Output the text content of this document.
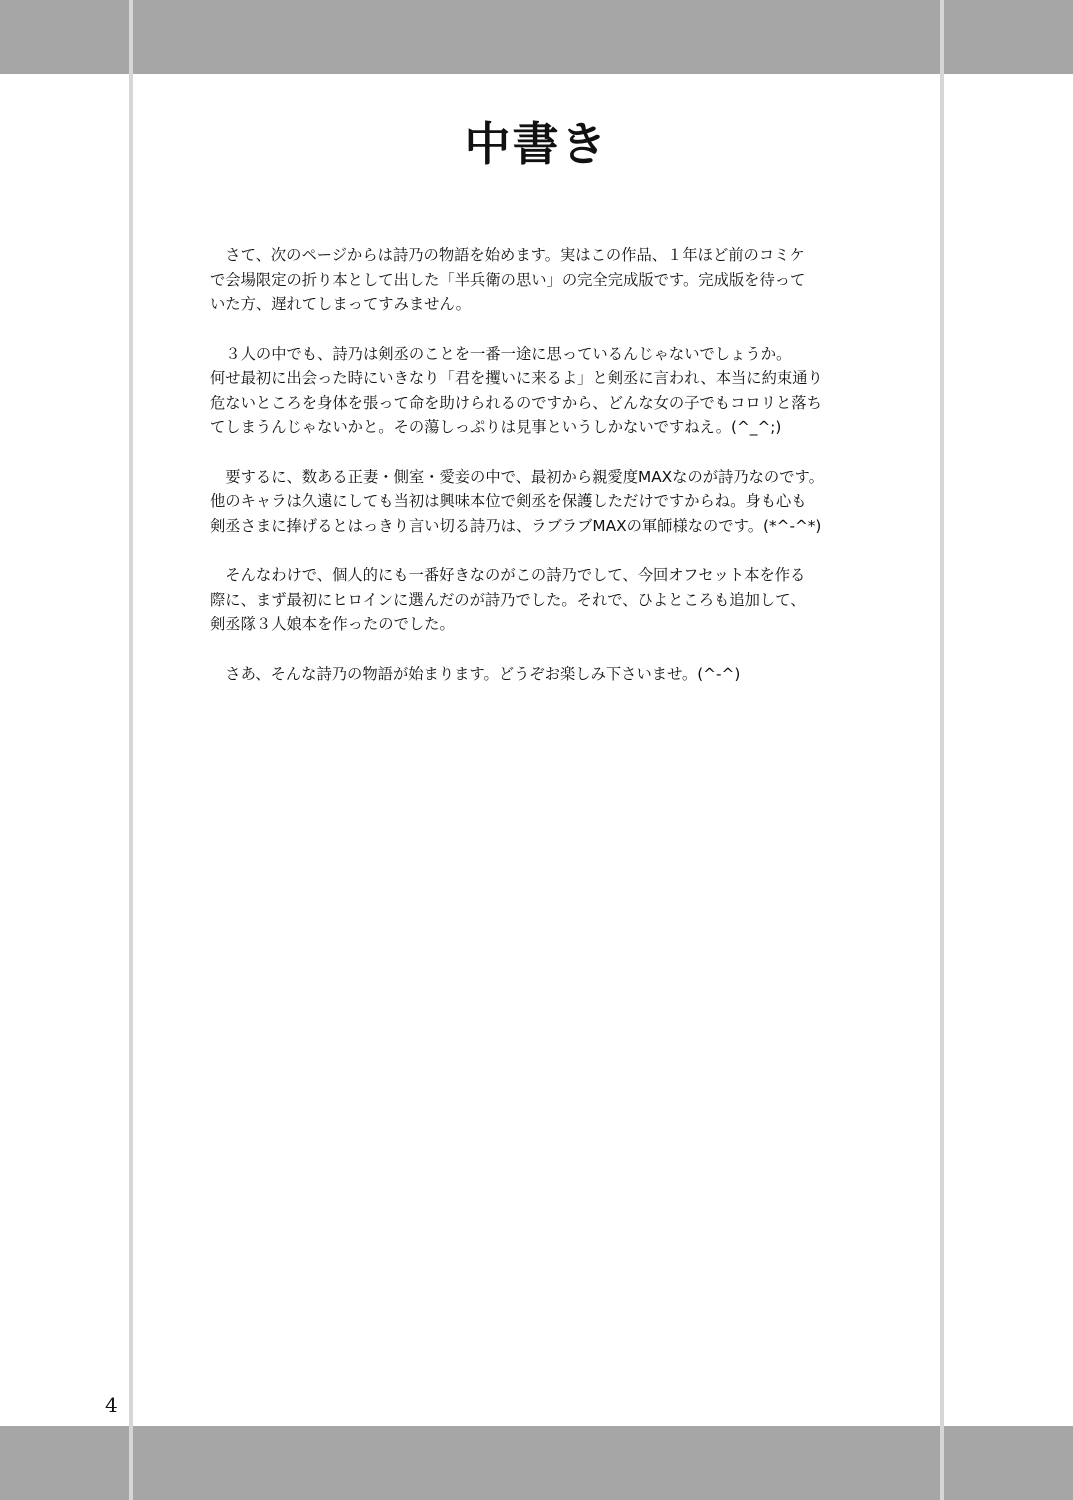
中書き
　さて、次のページからは詩乃の物語を始めます。実はこの作品、１年ほど前のコミケ
で会場限定の折り本として出した「半兵衛の思い」の完全完成版です。完成版を待って
いた方、遅れてしまってすみません。
　３人の中でも、詩乃は剣丞のことを一番一途に思っているんじゃないでしょうか。
何せ最初に出会った時にいきなり「君を攫いに来るよ」と剣丞に言われ、本当に約束通り
危ないところを身体を張って命を助けられるのですから、どんな女の子でもコロリと落ち
てしまうんじゃないかと。その蕩しっぷりは見事というしかないですねえ。(^_^;)
　要するに、数ある正妻・側室・愛妾の中で、最初から親愛度MAXなのが詩乃なのです。
他のキャラは久遠にしても当初は興味本位で剣丞を保護しただけですからね。身も心も
剣丞さまに捧げるとはっきり言い切る詩乃は、ラブラブMAXの軍師様なのです。(*^-^*)
　そんなわけで、個人的にも一番好きなのがこの詩乃でして、今回オフセット本を作る
際に、まず最初にヒロインに選んだのが詩乃でした。それで、ひよところも追加して、
剣丞隊３人娘本を作ったのでした。
　さあ、そんな詩乃の物語が始まります。どうぞお楽しみ下さいませ。(^-^)
4
